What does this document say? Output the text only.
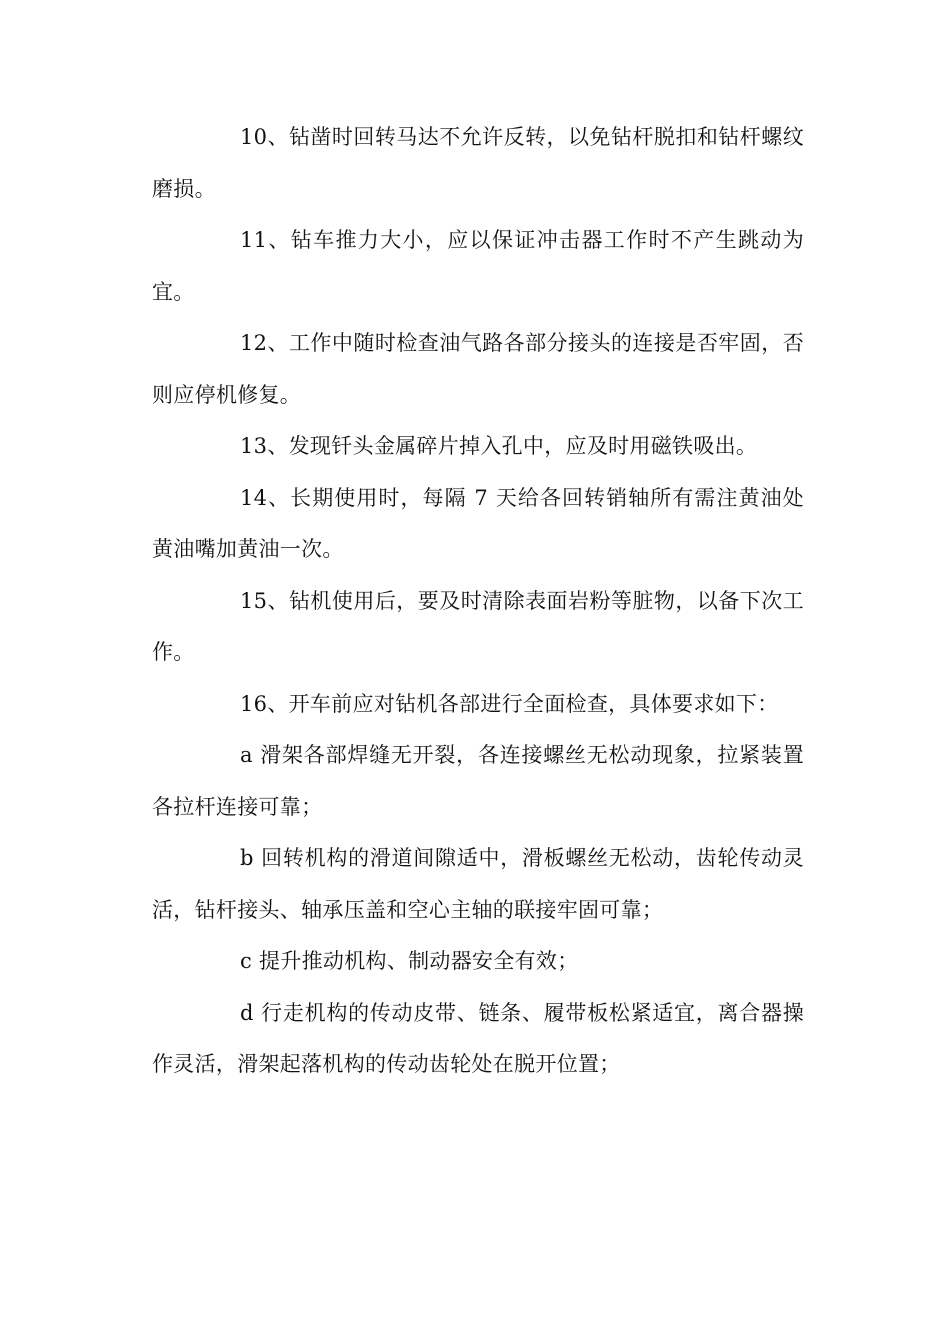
10、钻凿时回转马达不允许反转，以免钻杆脱扣和钻杆螺纹磨损。

11、钻车推力大小，应以保证冲击器工作时不产生跳动为宜。

12、工作中随时检查油气路各部分接头的连接是否牢固，否则应停机修复。

13、发现钎头金属碎片掉入孔中，应及时用磁铁吸出。

14、长期使用时，每隔 7 天给各回转销轴所有需注黄油处黄油嘴加黄油一次。

15、钻机使用后，要及时清除表面岩粉等脏物，以备下次工作。

16、开车前应对钻机各部进行全面检查，具体要求如下：

a 滑架各部焊缝无开裂，各连接螺丝无松动现象，拉紧装置各拉杆连接可靠；

b 回转机构的滑道间隙适中，滑板螺丝无松动，齿轮传动灵活，钻杆接头、轴承压盖和空心主轴的联接牢固可靠；

c 提升推动机构、制动器安全有效；

d 行走机构的传动皮带、链条、履带板松紧适宜，离合器操作灵活，滑架起落机构的传动齿轮处在脱开位置；
